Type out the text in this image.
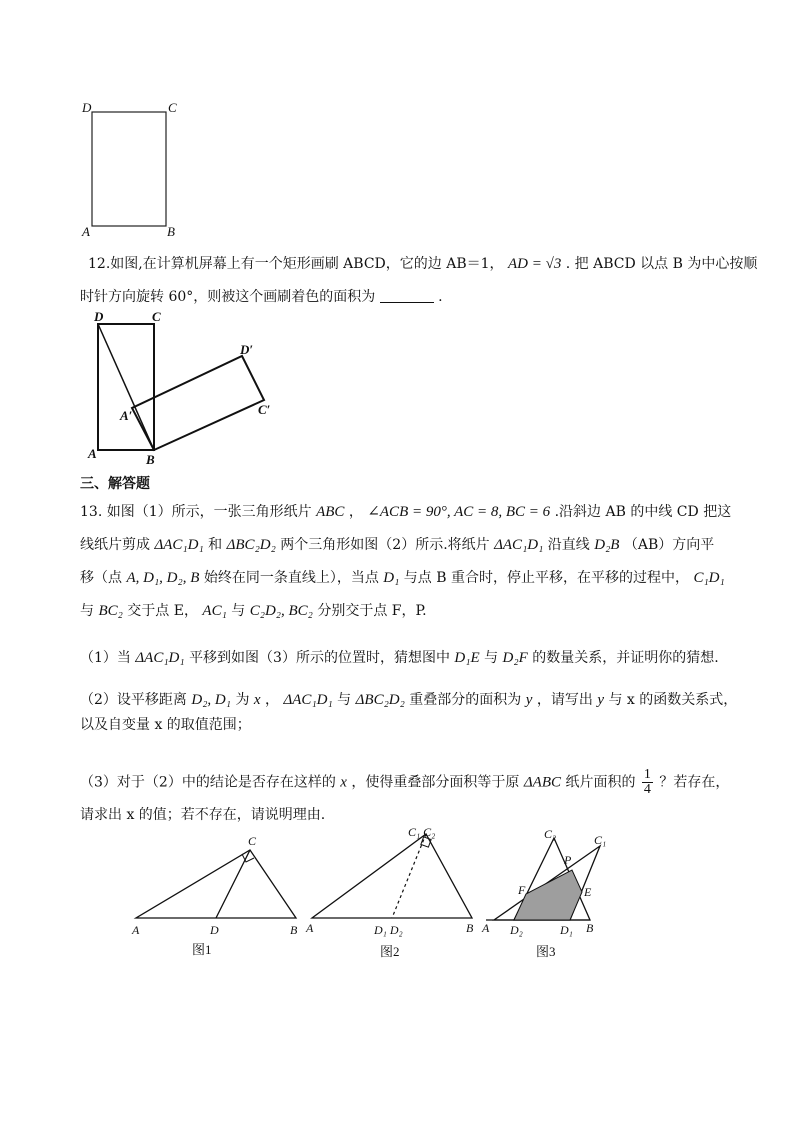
D	C
A	B
12.如图,在计算机屏幕上有一个矩形画刷 ABCD，它的边 AB＝1， AD = √3 . 把 ABCD 以点 B 为中心按顺
时针方向旋转 60°，则被这个画刷着色的面积为	.
D	C
D′
A′	C′
A	B
三、解答题
13. 如图（1）所示，一张三角形纸片 ABC ， ∠ACB = 90°, AC = 8, BC = 6 .沿斜边 AB 的中线 CD 把这
线纸片剪成 ΔAC₁D₁ 和 ΔBC₂D₂ 两个三角形如图（2）所示.将纸片 ΔAC₁D₁ 沿直线 D₂B （AB）方向平
移（点 A, D₁, D₂, B 始终在同一条直线上），当点 D₁ 与点 B 重合时，停止平移，在平移的过程中， C₁D₁
与 BC₂ 交于点 E， AC₁ 与 C₂D₂, BC₂ 分别交于点 F，P.
（1）当 ΔAC₁D₁ 平移到如图（3）所示的位置时，猜想图中 D₁E 与 D₂F 的数量关系，并证明你的猜想.
（2）设平移距离 D₂, D₁ 为 x ， ΔAC₁D₁ 与 ΔBC₂D₂ 重叠部分的面积为 y ，请写出 y 与 x 的函数关系式，
以及自变量 x 的取值范围；
（3）对于（2）中的结论是否存在这样的 x ，使得重叠部分面积等于原 ΔABC 纸片面积的 $\frac{1}{4}$ ？若存在，
请求出 x 的值；若不存在，请说明理由.
A	B
C
D
图1
A	B
C₁ C₂
D₁ D₂
图2
C₂	C₁
P
F	E
A D₂	D₁ B
图3
